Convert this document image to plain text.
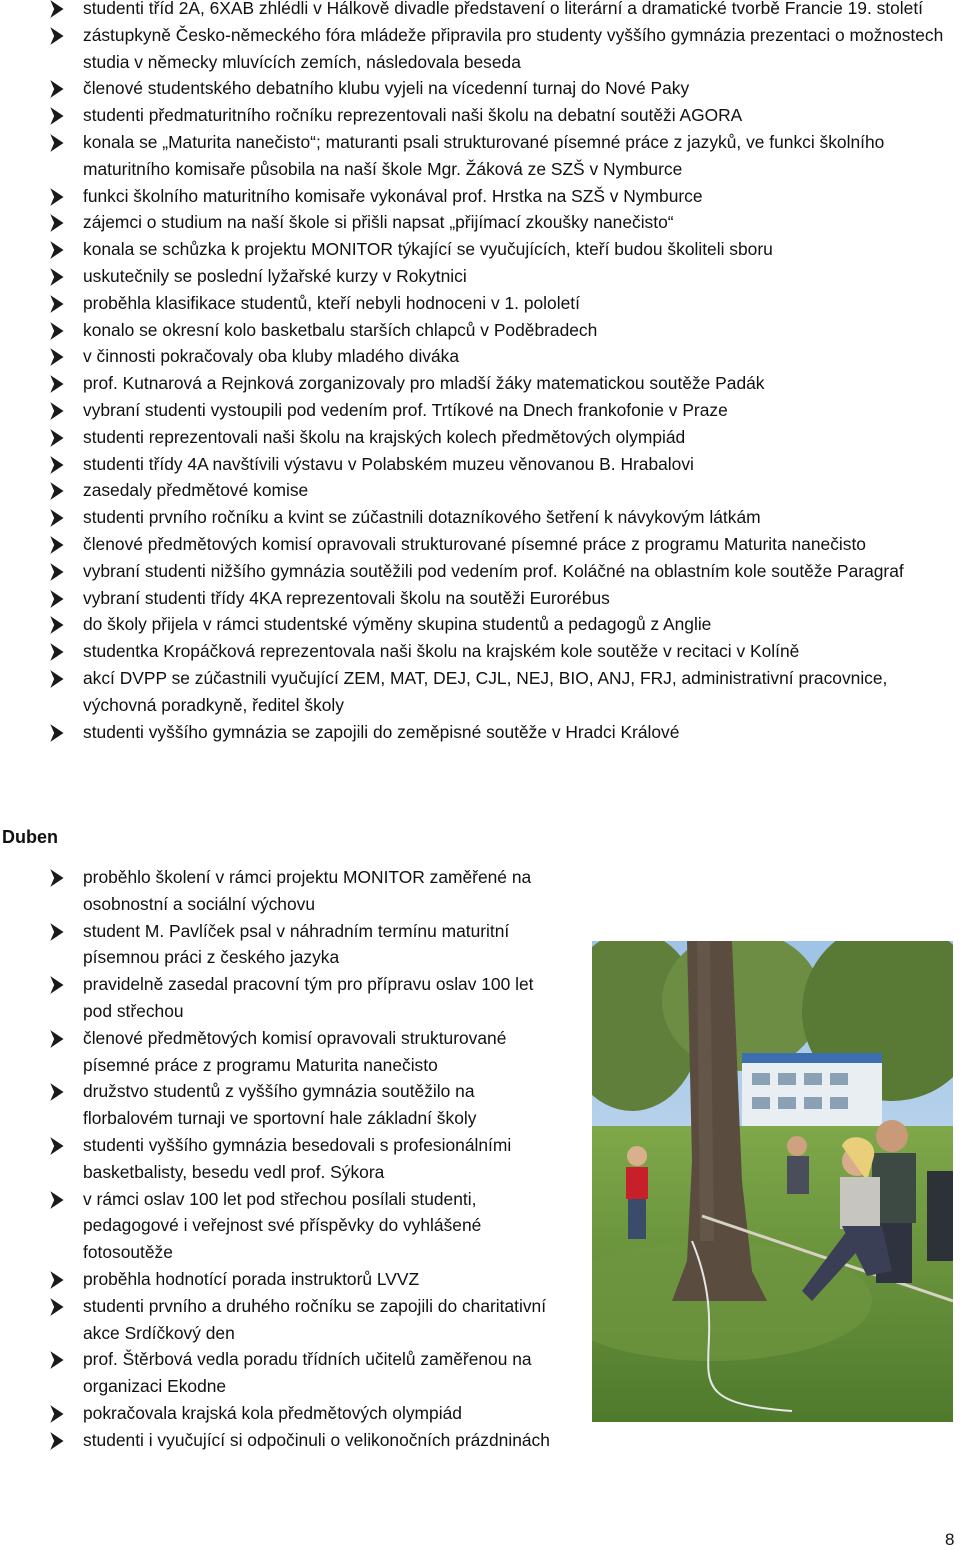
studenti tříd 2A, 6XAB zhlédli v Hálkově divadle představení o literární a dramatické tvorbě Francie 19. století
zástupkyně Česko-německého fóra mládeže připravila pro studenty vyššího gymnázia prezentaci o možnostech studia v německy mluvících zemích, následovala beseda
členové studentského debatního klubu vyjeli na vícedenní turnaj do Nové Paky
studenti předmaturitního ročníku reprezentovali naši školu na debatní soutěži AGORA
konala se „Maturita nanečisto“; maturanti psali strukturované písemné práce z jazyků, ve funkci školního maturitního komisaře působila na naší škole Mgr. Žáková ze SZŠ v Nymburce
funkci školního maturitního komisaře vykonával prof. Hrstka na SZŠ v Nymburce
zájemci o studium na naší škole si přišli napsat „přijímací zkoušky nanečisto“
konala se schůzka k projektu MONITOR týkající se vyučujících, kteří budou školiteli sboru
uskutečnily se poslední lyžařské kurzy v Rokytnici
proběhla klasifikace studentů, kteří nebyli hodnoceni v 1. pololetí
konalo se okresní kolo basketbalu starších chlapců v Poděbradech
v činnosti pokračovaly oba kluby mladého diváka
prof. Kutnarová a Rejnková zorganizovaly pro mladší žáky matematickou soutěže Padák
vybraní studenti vystoupili pod vedením prof. Trtíkové na Dnech frankofonie v Praze
studenti reprezentovali naši školu na krajských kolech předmětových olympiád
studenti třídy 4A navštívili výstavu v Polabském muzeu věnovanou B. Hrabalovi
zasedaly předmětové komise
studenti prvního ročníku a kvint se zúčastnili dotazníkového šetření k návykovým látkám
členové předmětových komisí opravovali strukturované písemné práce z programu Maturita nanečisto
vybraní studenti nižšího gymnázia soutěžili pod vedením prof. Koláčné na oblastním kole soutěže Paragraf
vybraní studenti třídy 4KA reprezentovali školu na soutěži Eurorébus
do školy přijela v rámci studentské výměny skupina studentů a pedagogů z Anglie
studentka Kropáčková reprezentovala naši školu na krajském kole soutěže v recitaci v Kolíně
akcí DVPP se zúčastnili vyučující ZEM, MAT, DEJ, CJL, NEJ, BIO, ANJ, FRJ, administrativní pracovnice, výchovná poradkyně, ředitel školy
studenti vyššího gymnázia se zapojili do zeměpisné soutěže v Hradci Králové
Duben
proběhlo školení v rámci projektu MONITOR zaměřené na osobnostní a sociální výchovu
student M. Pavlíček psal v náhradním termínu maturitní písemnou práci z českého jazyka
pravidelně zasedal pracovní tým pro přípravu oslav 100 let pod střechou
členové předmětových komisí opravovali strukturované písemné práce z programu Maturita nanečisto
družstvo studentů z vyššího gymnázia soutěžilo na florbalovém turnaji ve sportovní hale základní školy
studenti vyššího gymnázia besedovali s profesionálními basketbalisty, besedu vedl prof. Sýkora
v rámci oslav 100 let pod střechou posílali studenti, pedagogové i veřejnost své příspěvky do vyhlášené fotosoutěže
proběhla hodnotící porada instruktorů LVVZ
studenti prvního a druhého ročníku se zapojili do charitativní akce Srdíčkový den
prof. Štěrbová vedla poradu třídních učitelů zaměřenou na organizaci Ekodne
pokračovala krajská kola předmětových olympiád
studenti i vyučující si odpočinuli o velikonočních prázdninách
8
